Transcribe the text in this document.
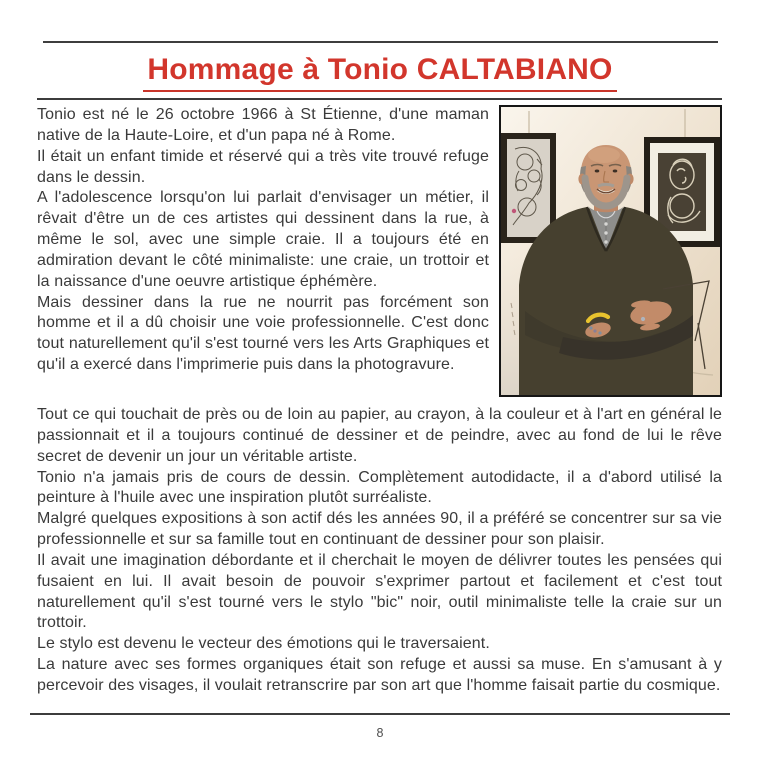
Hommage à Tonio CALTABIANO

Tonio est né le 26 octobre 1966 à St Étienne, d'une maman native de la Haute-Loire, et d'un papa né à Rome.

Il était un enfant timide et réservé qui a très vite trouvé refuge dans le dessin.

A l'adolescence lorsqu'on lui parlait d'envisager un métier, il rêvait d'être un de ces artistes qui dessinent dans la rue, à même le sol, avec une simple craie. Il a toujours été en admiration devant le côté minimaliste: une craie, un trottoir et la naissance d'une oeuvre artistique éphémère.

Mais dessiner dans la rue ne nourrit pas forcément son homme et il a dû choisir une voie professionnelle. C'est donc tout naturellement qu'il s'est tourné vers les Arts Graphiques et qu'il a exercé dans l'imprimerie puis dans la photogravure.

Tout ce qui touchait de près ou de loin au papier, au crayon, à la couleur et à l'art en général le passionnait et il a toujours continué de dessiner et de peindre, avec au fond de lui le rêve secret de devenir un jour un véritable artiste.

Tonio n'a jamais pris de cours de dessin. Complètement autodidacte, il a d'abord utilisé la peinture à l'huile avec une inspiration plutôt surréaliste.

Malgré quelques expositions à son actif dés les années 90, il a préféré se concentrer sur sa vie professionnelle et sur sa famille tout en continuant de dessiner pour son plaisir.

Il avait une imagination débordante et il cherchait le moyen de délivrer toutes les pensées qui fusaient en lui. Il avait besoin de pouvoir s'exprimer partout et facilement et c'est tout naturellement qu'il s'est tourné vers le stylo "bic" noir, outil minimaliste telle la craie sur un trottoir.

Le stylo est devenu le vecteur des émotions qui le traversaient.

La nature avec ses formes organiques était son refuge et aussi sa muse. En s'amusant à y percevoir des visages, il voulait retranscrire par son art que l'homme faisait partie du cosmique.

8
